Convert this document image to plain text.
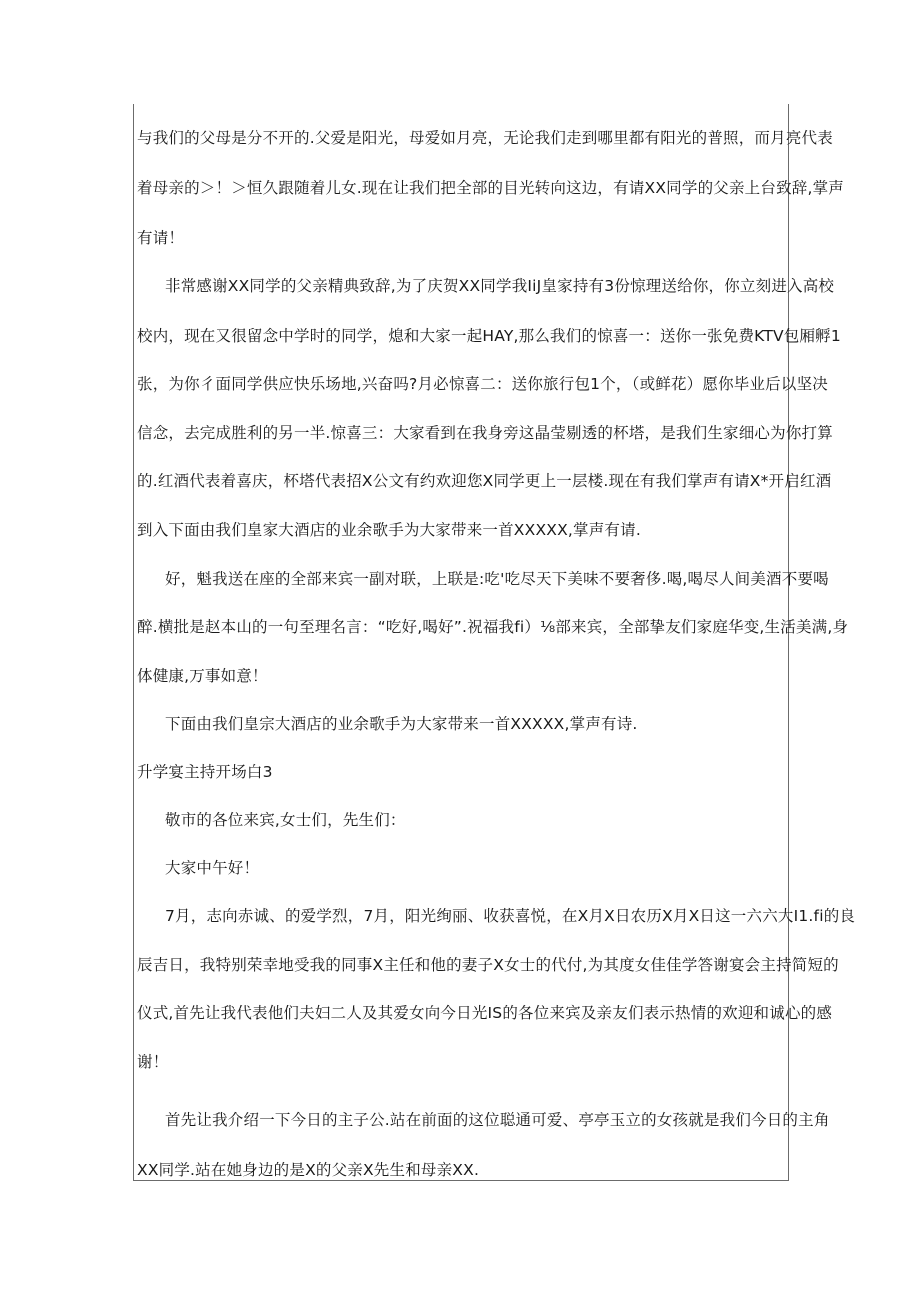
与我们的父母是分不开的.父爱是阳光，母爱如月亮，无论我们走到哪里都有阳光的普照，而月亮代表
着母亲的＞！＞恒久跟随着儿女.现在让我们把全部的目光转向这边，有请XX同学的父亲上台致辞,掌声
有请！
非常感谢XX同学的父亲精典致辞,为了庆贺XX同学我IiJ皇家持有3份惊理送给你，你立刻进入高校
校内，现在又很留念中学时的同学，熄和大家一起HAY,那么我们的惊喜一：送你一张免费KTV包厢孵1
张，为你彳面同学供应快乐场地,兴奋吗?月必惊喜二：送你旅行包1个，（或鲜花）愿你毕业后以坚决
信念，去完成胜利的另一半.惊喜三：大家看到在我身旁这晶莹剔透的杯塔，是我们生家细心为你打算
的.红酒代表着喜庆，杯塔代表招X公文有约欢迎您X同学更上一层楼.现在有我们掌声有请X*开启红酒
到入下面由我们皇家大酒店的业余歌手为大家带来一首XXXXX,掌声有请.
好，魁我送在座的全部来宾一副对联，上联是:吃'吃尽天下美味不要奢侈.喝,喝尽人间美酒不要喝
醉.横批是赵本山的一句至理名言：“吃好,喝好”.祝福我fi）⅛部来宾，全部挚友们家庭华变,生活美满,身
体健康,万事如意！
下面由我们皇宗大酒店的业余歌手为大家带来一首XXXXX,掌声有诗.
升学宴主持开场白3
敬市的各位来宾,女士们，先生们：
大家中午好！
7月，志向赤诚、的爱学烈，7月，阳光绚丽、收获喜悦，在X月X日农历X月X日这一六六大I1.fi的良
辰吉日，我特别荣幸地受我的同事X主任和他的妻子X女士的代付,为其度女佳佳学答谢宴会主持简短的
仪式,首先让我代表他们夫妇二人及其爱女向今日光IS的各位来宾及亲友们表示热情的欢迎和诚心的感
谢！
首先让我介绍一下今日的主子公.站在前面的这位聪通可爱、亭亭玉立的女孩就是我们今日的主角
XX同学.站在她身边的是X的父亲X先生和母亲XX.
